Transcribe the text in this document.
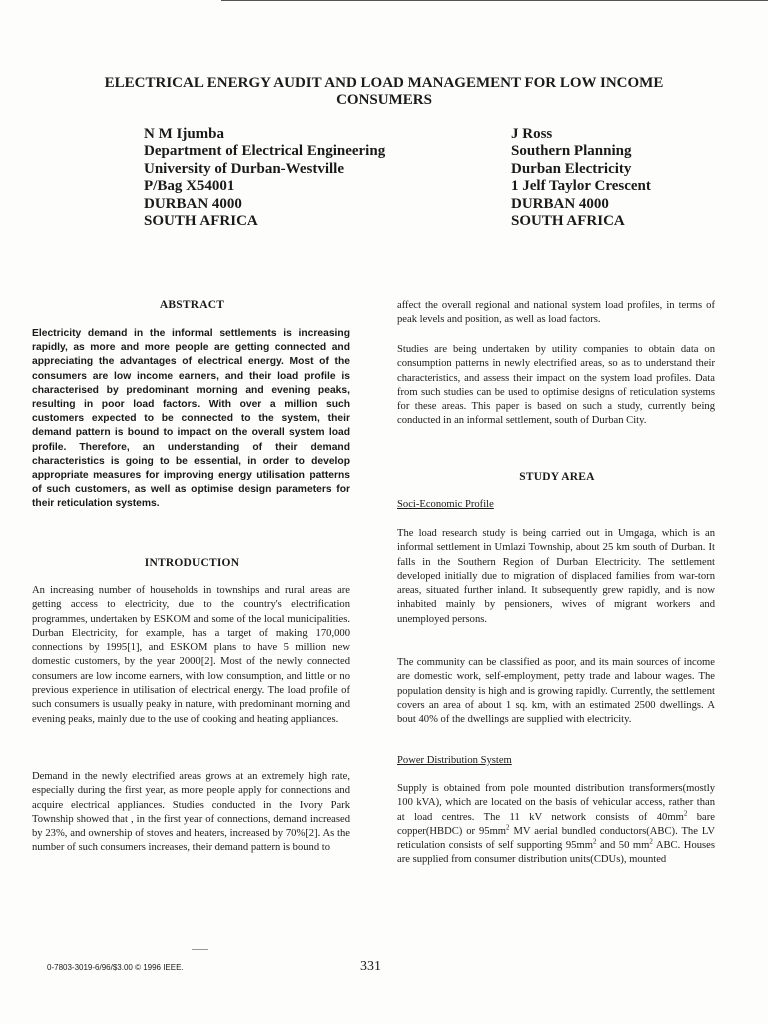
ELECTRICAL ENERGY AUDIT AND LOAD MANAGEMENT FOR LOW INCOME
CONSUMERS
N M Ijumba
Department of Electrical Engineering
University of Durban-Westville
P/Bag X54001
DURBAN 4000
SOUTH AFRICA
J Ross
Southern Planning
Durban Electricity
1 Jelf Taylor Crescent
DURBAN 4000
SOUTH AFRICA
ABSTRACT

Electricity demand in the informal settlements is increasing rapidly, as more and more people are getting connected and appreciating the advantages of electrical energy. Most of the consumers are low income earners, and their load profile is characterised by predominant morning and evening peaks, resulting in poor load factors. With over a million such customers expected to be connected to the system, their demand pattern is bound to impact on the overall system load profile. Therefore, an understanding of their demand characteristics is going to be essential, in order to develop appropriate measures for improving energy utilisation patterns of such customers, as well as optimise design parameters for their reticulation systems.

INTRODUCTION

An increasing number of households in townships and rural areas are getting access to electricity, due to the country's electrification programmes, undertaken by ESKOM and some of the local municipalities. Durban Electricity, for example, has a target of making 170,000 connections by 1995[1], and ESKOM plans to have 5 million new domestic customers, by the year 2000[2]. Most of the newly connected consumers are low income earners, with low consumption, and little or no previous experience in utilisation of electrical energy. The load profile of such consumers is usually peaky in nature, with predominant morning and evening peaks, mainly due to the use of cooking and heating appliances.

Demand in the newly electrified areas grows at an extremely high rate, especially during the first year, as more people apply for connections and acquire electrical appliances. Studies conducted in the Ivory Park Township showed that , in the first year of connections, demand increased by 23%, and ownership of stoves and heaters, increased by 70%[2]. As the number of such consumers increases, their demand pattern is bound to

affect the overall regional and national system load profiles, in terms of peak levels and position, as well as load factors.

Studies are being undertaken by utility companies to obtain data on consumption patterns in newly electrified areas, so as to understand their characteristics, and assess their impact on the system load profiles. Data from such studies can be used to optimise designs of reticulation systems for these areas. This paper is based on such a study, currently being conducted in an informal settlement, south of Durban City.

STUDY AREA
Soci-Economic Profile

The load research study is being carried out in Umgaga, which is an informal settlement in Umlazi Township, about 25 km south of Durban. It falls in the Southern Region of Durban Electricity. The settlement developed initially due to migration of displaced families from war-torn areas, situated further inland. It subsequently grew rapidly, and is now inhabited mainly by pensioners, wives of migrant workers and unemployed persons.

The community can be classified as poor, and its main sources of income are domestic work, self-employment, petty trade and labour wages. The population density is high and is growing rapidly. Currently, the settlement covers an area of about 1 sq. km, with an estimated 2500 dwellings. A bout 40% of the dwellings are supplied with electricity.

Power Distribution System

Supply is obtained from pole mounted distribution transformers(mostly 100 kVA), which are located on the basis of vehicular access, rather than at load centres. The 11 kV network consists of $40mm^2$ bare copper(HBDC) or $95mm^2$ MV aerial bundled conductors(ABC). The LV reticulation consists of self supporting $95mm^2$ and 50 $mm^2$ ABC. Houses are supplied from consumer distribution units(CDUs), mounted

0-7803-3019-6/96/$3.00 © 1996 IEEE.	331
